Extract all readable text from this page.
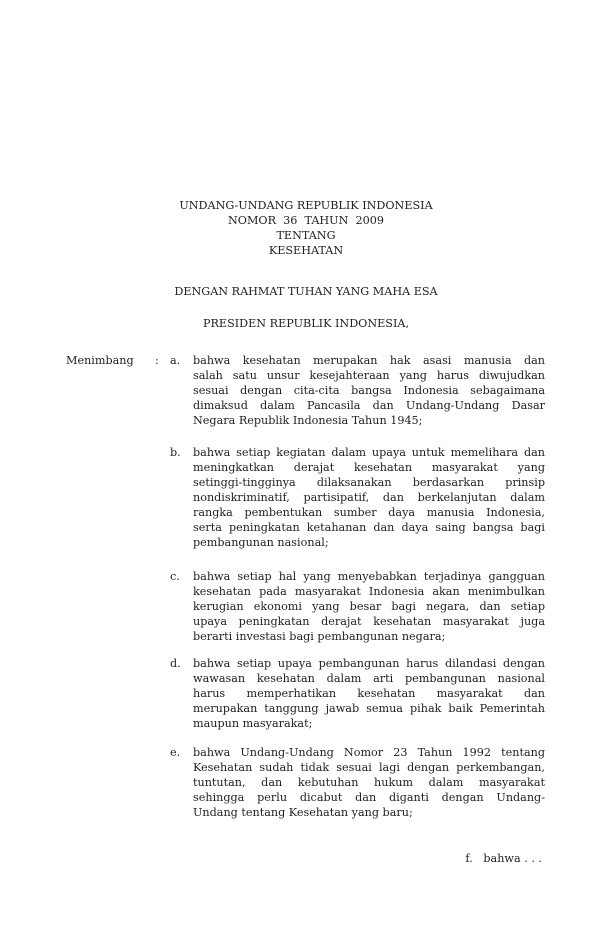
UNDANG-UNDANG REPUBLIK INDONESIA
NOMOR  36  TAHUN  2009
TENTANG
KESEHATAN
DENGAN RAHMAT TUHAN YANG MAHA ESA
PRESIDEN REPUBLIK INDONESIA,
Menimbang : a. bahwa kesehatan merupakan hak asasi manusia dan
salah satu unsur kesejahteraan yang harus diwujudkan
sesuai dengan cita-cita bangsa Indonesia sebagaimana
dimaksud dalam Pancasila dan Undang-Undang Dasar
Negara Republik Indonesia Tahun 1945;
b. bahwa setiap kegiatan dalam upaya untuk memelihara dan
meningkatkan derajat kesehatan masyarakat yang
setinggi-tingginya dilaksanakan berdasarkan prinsip
nondiskriminatif, partisipatif, dan berkelanjutan dalam
rangka pembentukan sumber daya manusia Indonesia,
serta peningkatan ketahanan dan daya saing bangsa bagi
pembangunan nasional;
c. bahwa setiap hal yang menyebabkan terjadinya gangguan
kesehatan pada masyarakat Indonesia akan menimbulkan
kerugian ekonomi yang besar bagi negara, dan setiap
upaya peningkatan derajat kesehatan masyarakat juga
berarti investasi bagi pembangunan negara;
d. bahwa setiap upaya pembangunan harus dilandasi dengan
wawasan kesehatan dalam arti pembangunan nasional
harus memperhatikan kesehatan masyarakat dan
merupakan tanggung jawab semua pihak baik Pemerintah
maupun masyarakat;
e. bahwa Undang-Undang Nomor 23 Tahun 1992 tentang
Kesehatan sudah tidak sesuai lagi dengan perkembangan,
tuntutan, dan kebutuhan hukum dalam masyarakat
sehingga perlu dicabut dan diganti dengan Undang-
Undang tentang Kesehatan yang baru;
f.   bahwa . . .
